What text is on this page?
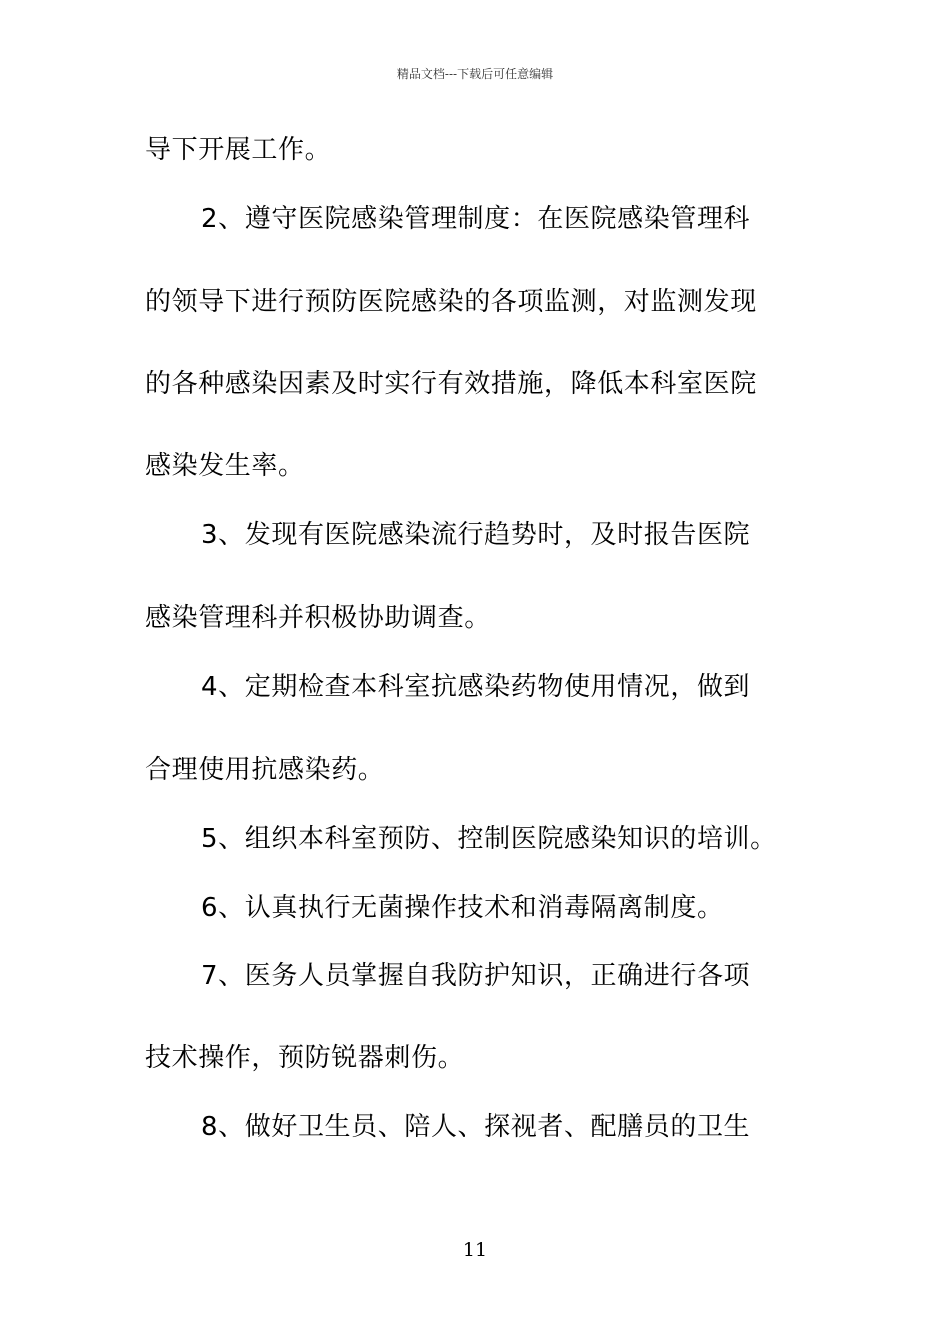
精品文档---下载后可任意编辑
导下开展工作。
2、遵守医院感染管理制度：在医院感染管理科
的领导下进行预防医院感染的各项监测，对监测发现
的各种感染因素及时实行有效措施，降低本科室医院
感染发生率。
3、发现有医院感染流行趋势时，及时报告医院
感染管理科并积极协助调查。
4、定期检查本科室抗感染药物使用情况，做到
合理使用抗感染药。
5、组织本科室预防、控制医院感染知识的培训。
6、认真执行无菌操作技术和消毒隔离制度。
7、医务人员掌握自我防护知识，正确进行各项
技术操作，预防锐器刺伤。
8、做好卫生员、陪人、探视者、配膳员的卫生
11
